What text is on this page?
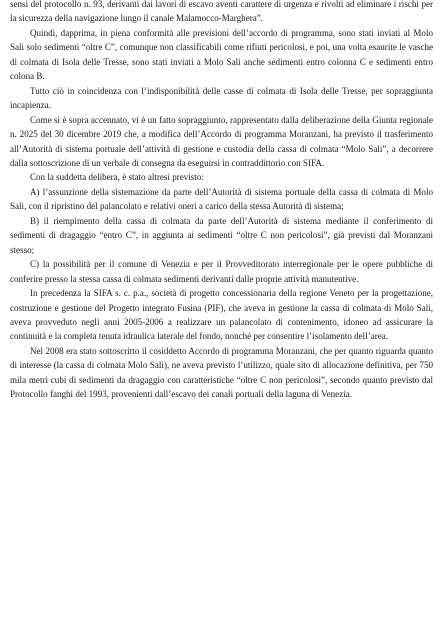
sensi del protocollo n. 93, derivanti dai lavori di escavo aventi carattere di urgenza e rivolti ad eliminare i rischi per la sicurezza della navigazione lungo il canale Malamocco-Marghera”.

Quindi, dapprima, in piena conformità alle previsioni dell’accordo di programma, sono stati inviati al Molo Sali solo sedimenti “oltre C”, comunque non classificabili come rifiuti pericolosi, e poi, una volta esaurite le vasche di colmata di Isola delle Tresse, sono stati inviati a Molo Sali anche sedimenti entro colonna C e sedimenti entro colona B.

Tutto ciò in coincidenza con l’indisponibilità delle casse di colmata di Isola delle Tresse, per sopraggiunta incapienza.

Come si è sopra accennato, vi è un fatto sopraggiunto, rappresentato dalla deliberazione della Giunta regionale n. 2025 del 30 dicembre 2019 che, a modifica dell’Accordo di programma Moranzani, ha previsto il trasferimento all’Autorità di sistema portuale dell’attività di gestione e custodia della cassa di colmata “Molo Sali”, a decorrere dalla sottoscrizione di un verbale di consegna da eseguirsi in contraddittorio con SIFA.

Con la suddetta delibera, è stato altresì previsto:

A) l’assunzione della sistemazione da parte dell’Autorità di sistema portuale della cassa di colmata di Molo Sali, con il ripristino del palancolato e relativi oneri a carico della stessa Autorità di sistema;

B) il riempimento della cassa di colmata da parte dell’Autorità di sistema mediante il conferimento di sedimenti di dragaggio “entro C”, in aggiunta ai sedimenti “oltre C non pericolosi”, già previsti dal Moranzani stesso;

C) la possibilità per il comune di Venezia e per il Provveditorato interregionale per le opere pubbliche di conferire presso la stessa cassa di colmata sedimenti derivanti dalle proprie attività manutentive.

In precedenza la SIFA s. c. p.a., società di progetto concessionaria della regione Veneto per la progettazione, costruzione e gestione del Progetto integrato Fusina (PIF), che aveva in gestione la cassa di colmata di Molo Sali, aveva provveduto negli anni 2005-2006 a realizzare un palancolato di contenimento, idoneo ad assicurare la continuità e la completa tenuta idraulica laterale del fondo, nonché per consentire l’isolamento dell’area.

Nel 2008 era stato sottoscritto il cosiddetto Accordo di programma Moranzani, che per quanto riguarda quanto di interesse (la cassa di colmata Molo Sali), ne aveva previsto l’utilizzo, quale sito di allocazione definitiva, per 750 mila metri cubi di sedimenti da dragaggio con caratteristiche “oltre C non pericolosi”, secondo quanto previsto dal Protocollo fanghi del 1993, provenienti dall’escavo dei canali portuali della laguna di Venezia.
